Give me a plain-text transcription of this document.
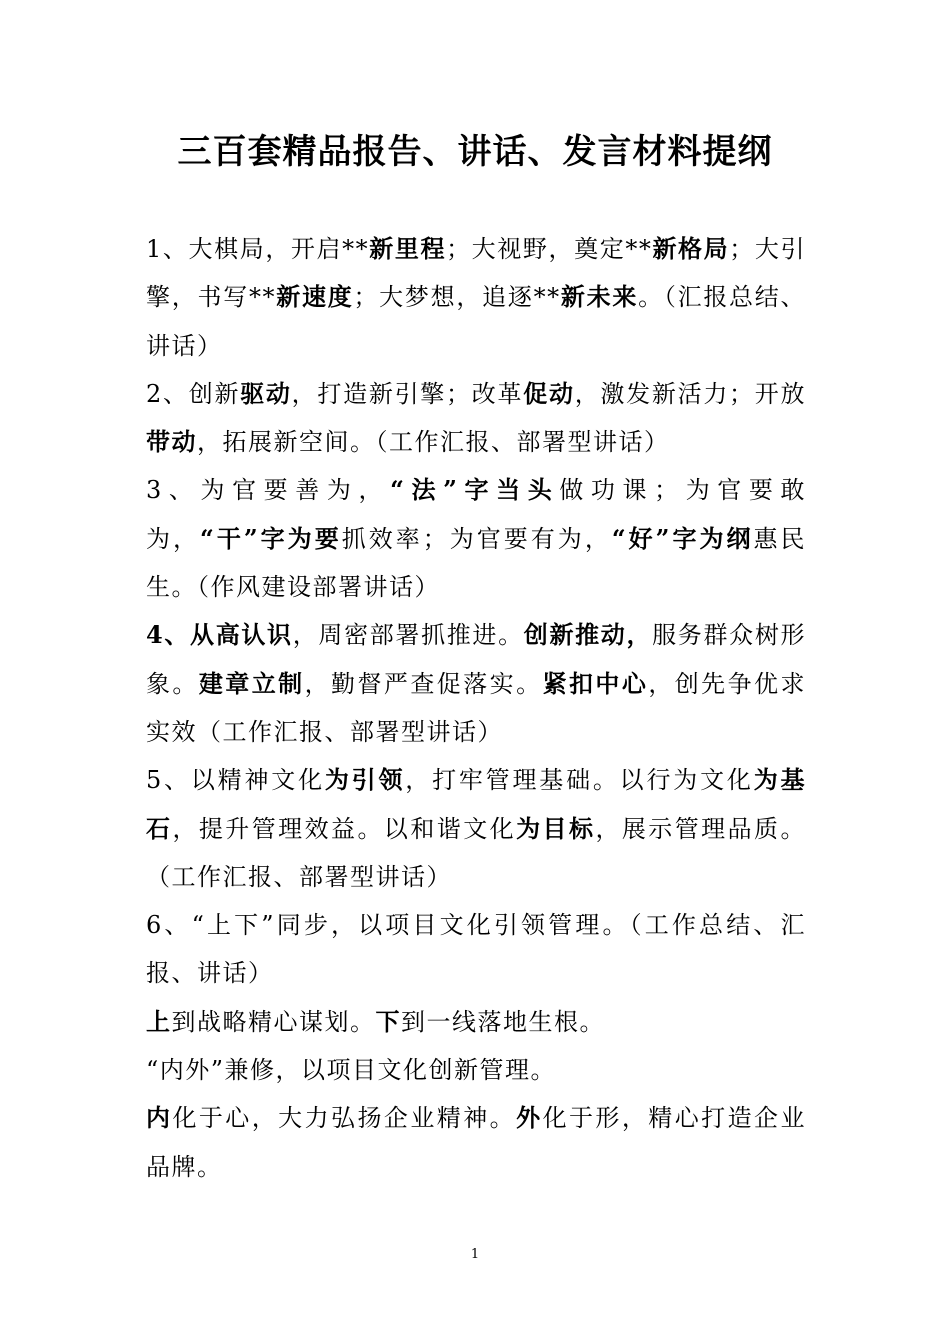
三百套精品报告、讲话、发言材料提纲

1、大棋局，开启**新里程；大视野，奠定**新格局；大引擎，书写**新速度；大梦想，追逐**新未来。（汇报总结、讲话）

2、创新驱动，打造新引擎；改革促动，激发新活力；开放带动，拓展新空间。（工作汇报、部署型讲话）

3、为官要善为，“法”字当头做功课；为官要敢为，“干”字为要抓效率；为官要有为，“好”字为纲惠民生。（作风建设部署讲话）

4、从高认识，周密部署抓推进。创新推动，服务群众树形象。建章立制，勤督严查促落实。紧扣中心，创先争优求实效（工作汇报、部署型讲话）

5、以精神文化为引领，打牢管理基础。以行为文化为基石，提升管理效益。以和谐文化为目标，展示管理品质。（工作汇报、部署型讲话）

6、“上下”同步，以项目文化引领管理。（工作总结、汇报、讲话）

上到战略精心谋划。下到一线落地生根。

“内外”兼修，以项目文化创新管理。

内化于心，大力弘扬企业精神。外化于形，精心打造企业品牌。

1
